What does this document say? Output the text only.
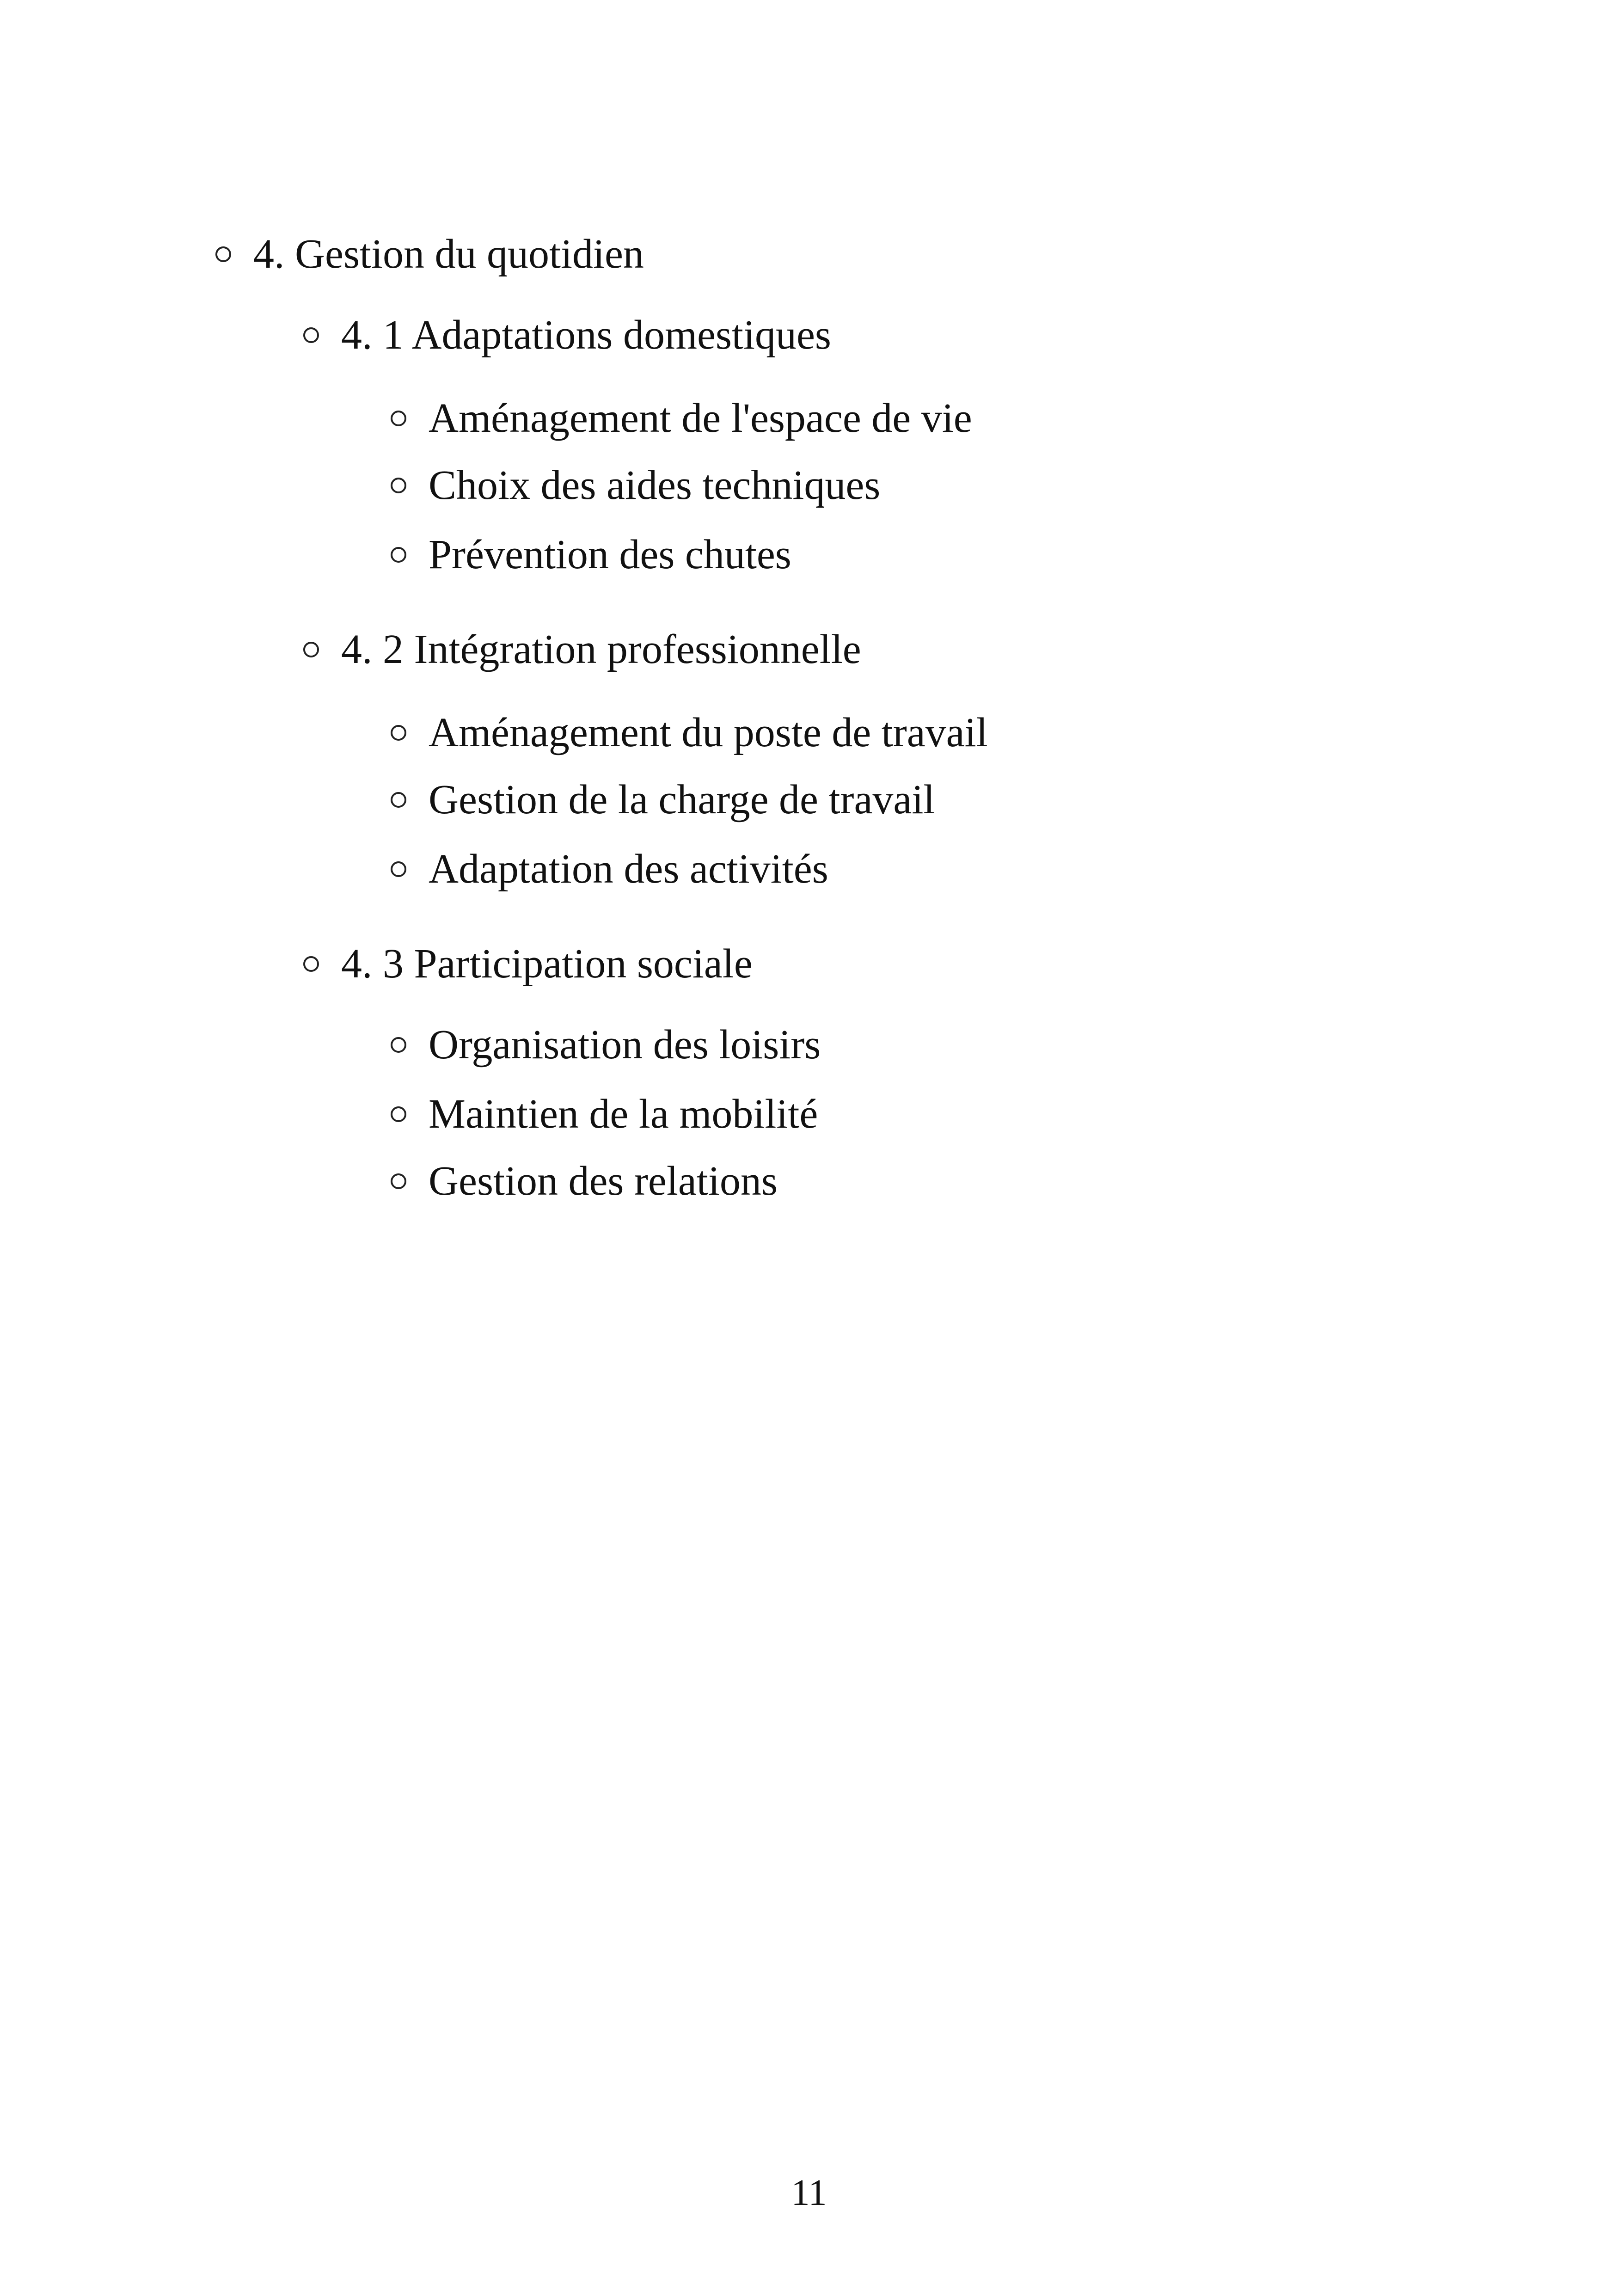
4. Gestion du quotidien
4. 1 Adaptations domestiques
Aménagement de l'espace de vie
Choix des aides techniques
Prévention des chutes
4. 2 Intégration professionnelle
Aménagement du poste de travail
Gestion de la charge de travail
Adaptation des activités
4. 3 Participation sociale
Organisation des loisirs
Maintien de la mobilité
Gestion des relations
11
